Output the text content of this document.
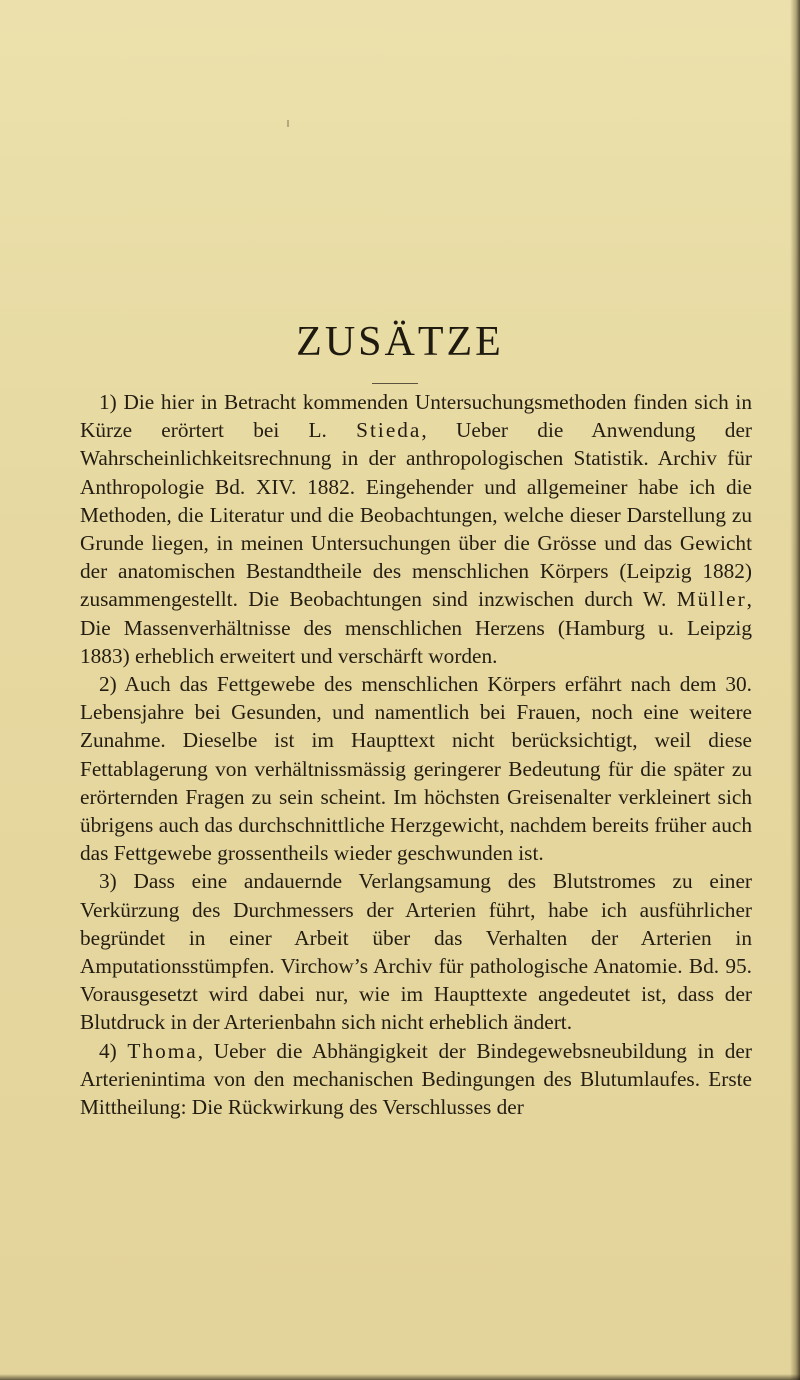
ZUSÄTZE

1) Die hier in Betracht kommenden Untersuchungsmethoden finden sich in Kürze erörtert bei L. Stieda, Ueber die Anwendung der Wahrscheinlichkeitsrechnung in der anthropologischen Statistik. Archiv für Anthropologie Bd. XIV. 1882. Eingehender und allgemeiner habe ich die Methoden, die Literatur und die Beobachtungen, welche dieser Darstellung zu Grunde liegen, in meinen Untersuchungen über die Grösse und das Gewicht der anatomischen Bestandtheile des menschlichen Körpers (Leipzig 1882) zusammengestellt. Die Beobachtungen sind inzwischen durch W. Müller, Die Massenverhältnisse des menschlichen Herzens (Hamburg u. Leipzig 1883) erheblich erweitert und verschärft worden.

2) Auch das Fettgewebe des menschlichen Körpers erfährt nach dem 30. Lebensjahre bei Gesunden, und namentlich bei Frauen, noch eine weitere Zunahme. Dieselbe ist im Haupttext nicht berücksichtigt, weil diese Fettablagerung von verhältnissmässig geringerer Bedeutung für die später zu erörternden Fragen zu sein scheint. Im höchsten Greisenalter verkleinert sich übrigens auch das durchschnittliche Herzgewicht, nachdem bereits früher auch das Fettgewebe grossentheils wieder geschwunden ist.

3) Dass eine andauernde Verlangsamung des Blutstromes zu einer Verkürzung des Durchmessers der Arterien führt, habe ich ausführlicher begründet in einer Arbeit über das Verhalten der Arterien in Amputationsstümpfen. Virchow’s Archiv für pathologische Anatomie. Bd. 95. Vorausgesetzt wird dabei nur, wie im Haupttexte angedeutet ist, dass der Blutdruck in der Arterienbahn sich nicht erheblich ändert.

4) Thoma, Ueber die Abhängigkeit der Bindegewebsneubildung in der Arterienintima von den mechanischen Bedingungen des Blutumlaufes. Erste Mittheilung: Die Rückwirkung des Verschlusses der
